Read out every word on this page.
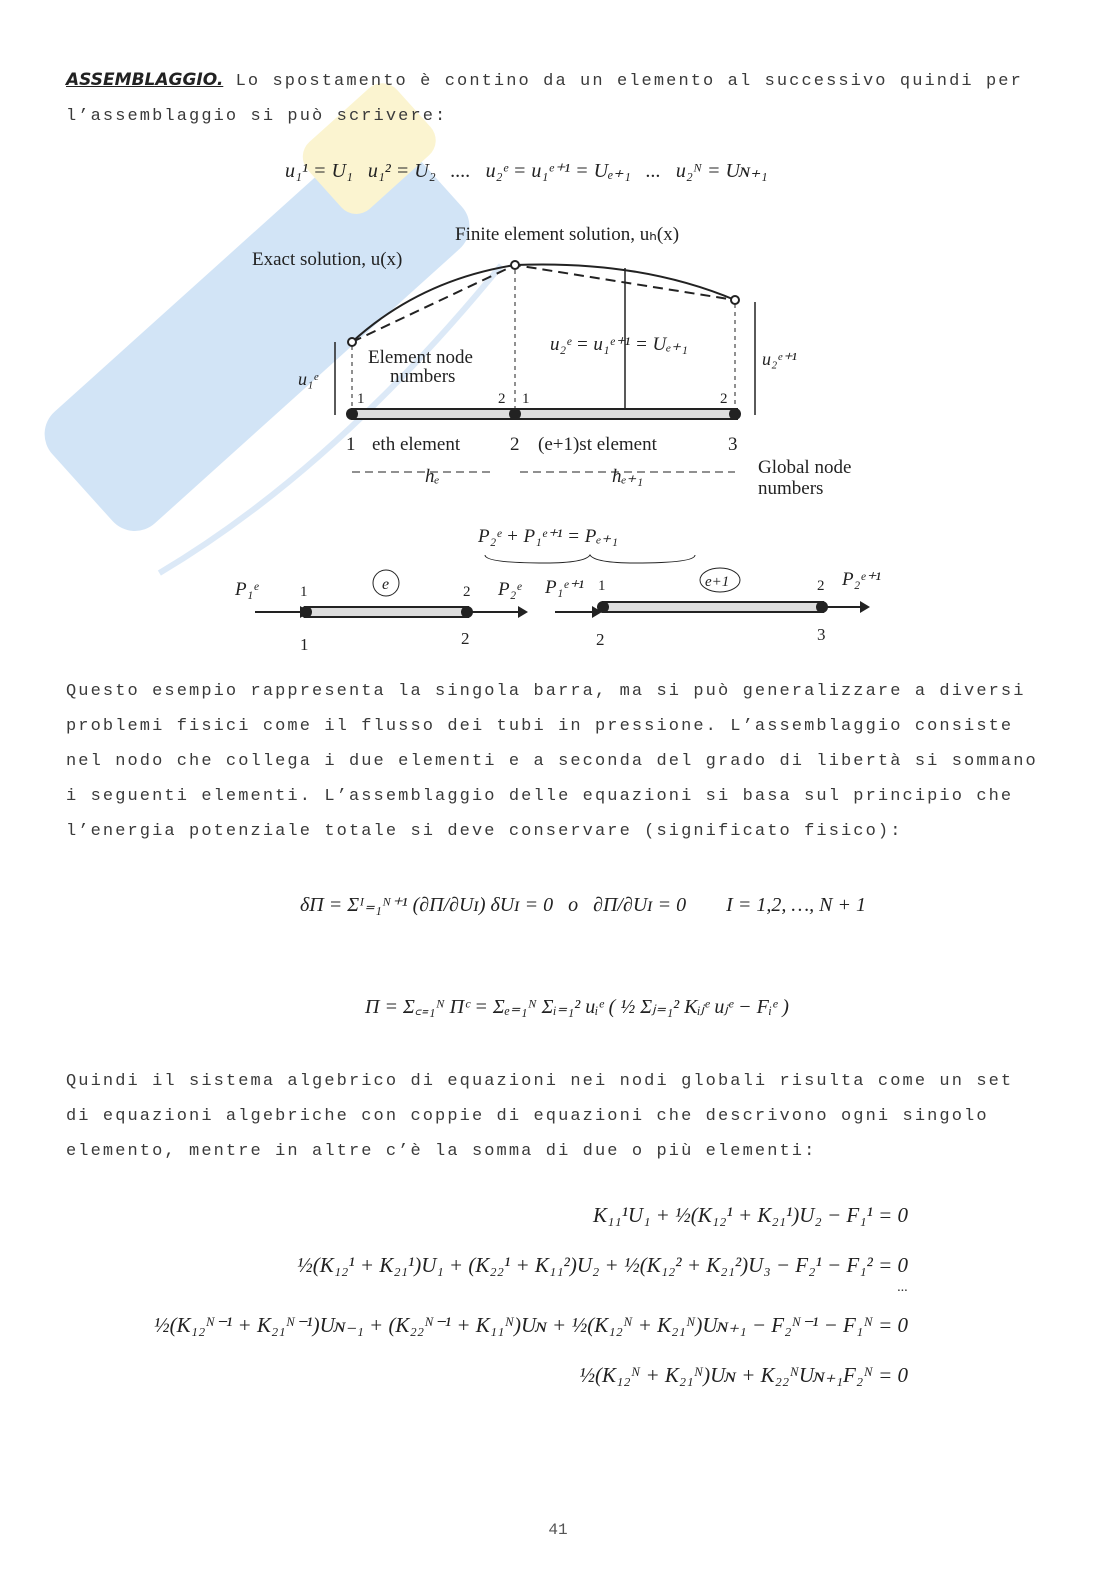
ASSEMBLAGGIO. Lo spostamento è contino da un elemento al successivo quindi per
l’assemblaggio si può scrivere:
u₁¹ = U₁   u₁² = U₂   ....   u₂ᵉ = u₁ᵉ⁺¹ = Uₑ₊₁   ...   u₂ᴺ = Uɴ₊₁
Finite element solution, uₕ(x)
Exact solution, u(x)
Element node
numbers
u₂ᵉ = u₁ᵉ⁺¹ = Uₑ₊₁
u₁ᵉ
u₂ᵉ⁺¹
1	2 1	2
1	2	3
eth element	(e+1)st element
Global node
numbers
hₑ	hₑ₊₁
P₂ᵉ + P₁ᵉ⁺¹ = Pₑ₊₁
P₁ᵉ	e
1	2
1	2
P₂ᵉ P₁ᵉ⁺¹	e+1
1	2
2	3
P₂ᵉ⁺¹
Questo esempio rappresenta la singola barra, ma si può generalizzare a diversi
problemi fisici come il flusso dei tubi in pressione. L’assemblaggio consiste
nel nodo che collega i due elementi e a seconda del grado di libertà si sommano
i seguenti elementi. L’assemblaggio delle equazioni si basa sul principio che
l’energia potenziale totale si deve conservare (significato fisico):
δΠ = Σᴵ₌₁ᴺ⁺¹ (∂Π/∂Uɪ) δUɪ = 0   o   ∂Π/∂Uɪ = 0        I = 1,2, …, N + 1
Π = Σ꜀₌₁ᴺ Πᶜ = Σₑ₌₁ᴺ Σᵢ₌₁² uᵢᵉ ( ½ Σⱼ₌₁² Kᵢⱼᵉ uⱼᵉ − Fᵢᵉ )
Quindi il sistema algebrico di equazioni nei nodi globali risulta come un set
di equazioni algebriche con coppie di equazioni che descrivono ogni singolo
elemento, mentre in altre c’è la somma di due o più elementi:
K₁₁¹U₁ + ½(K₁₂¹ + K₂₁¹)U₂ − F₁¹ = 0
½(K₁₂¹ + K₂₁¹)U₁ + (K₂₂¹ + K₁₁²)U₂ + ½(K₁₂² + K₂₁²)U₃ − F₂¹ − F₁² = 0
...
½(K₁₂ᴺ⁻¹ + K₂₁ᴺ⁻¹)Uɴ₋₁ + (K₂₂ᴺ⁻¹ + K₁₁ᴺ)Uɴ + ½(K₁₂ᴺ + K₂₁ᴺ)Uɴ₊₁ − F₂ᴺ⁻¹ − F₁ᴺ = 0
½(K₁₂ᴺ + K₂₁ᴺ)Uɴ + K₂₂ᴺUɴ₊₁F₂ᴺ = 0
41
